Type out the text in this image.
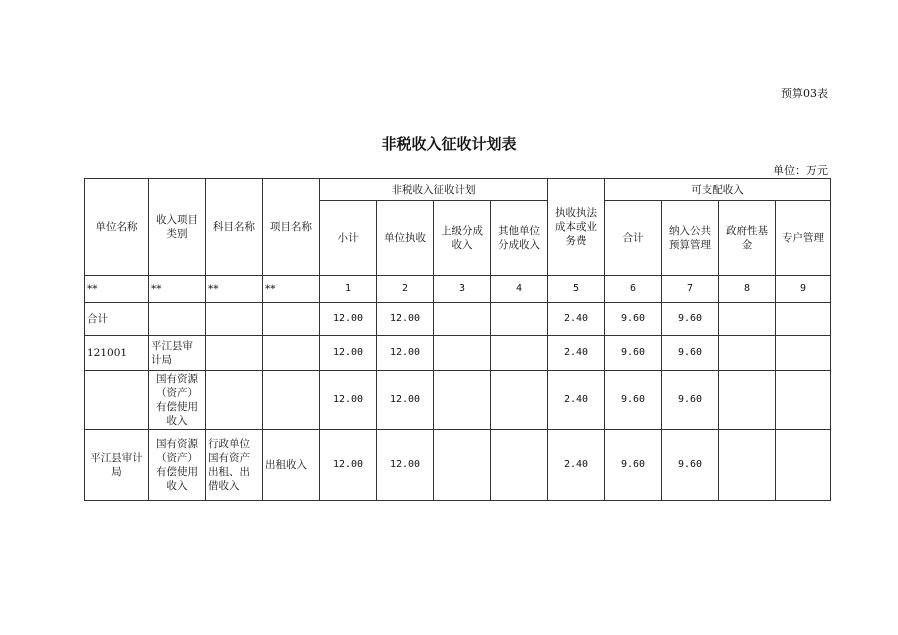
预算03表
非税收入征收计划表
单位：万元
单位名称	收入项目类别	科目名称	项目名称	非税收入征收计划				执收执法成本或业务费	可支配收入			
				小计	单位执收	上级分成收入	其他单位分成收入		合计	纳入公共预算管理	政府性基金	专户管理
**	**	**	**	1	2	3	4	5	6	7	8	9
合计				12.00	12.00			2.40	9.60	9.60		
121001	平江县审计局			12.00	12.00			2.40	9.60	9.60		
	国有资源（资产）有偿使用收入			12.00	12.00			2.40	9.60	9.60		
平江县审计局	国有资源（资产）有偿使用收入	行政单位国有资产出租、出借收入	出租收入	12.00	12.00			2.40	9.60	9.60		
